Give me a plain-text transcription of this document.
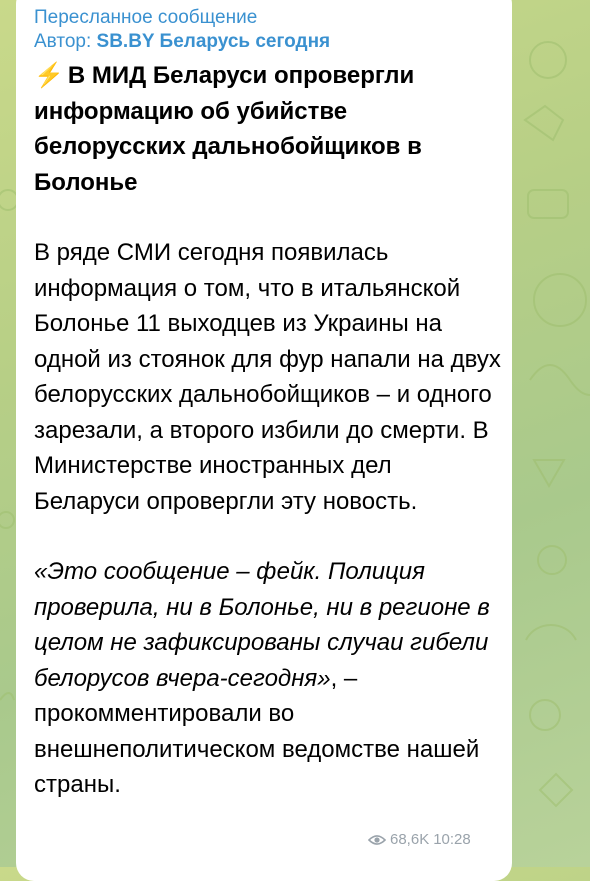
Пересланное сообщение
Автор: SB.BY Беларусь сегодня

⚡ В МИД Беларуси опровергли информацию об убийстве белорусских дальнобойщиков в Болонье

В ряде СМИ сегодня появилась информация о том, что в итальянской Болонье 11 выходцев из Украины на одной из стоянок для фур напали на двух белорусских дальнобойщиков – и одного зарезали, а второго избили до смерти. В Министерстве иностранных дел Беларуси опровергли эту новость.

«Это сообщение – фейк. Полиция проверила, ни в Болонье, ни в регионе в целом не зафиксированы случаи гибели белорусов вчера-сегодня», – прокомментировали во внешнеполитическом ведомстве нашей страны.

68,6K 10:28
